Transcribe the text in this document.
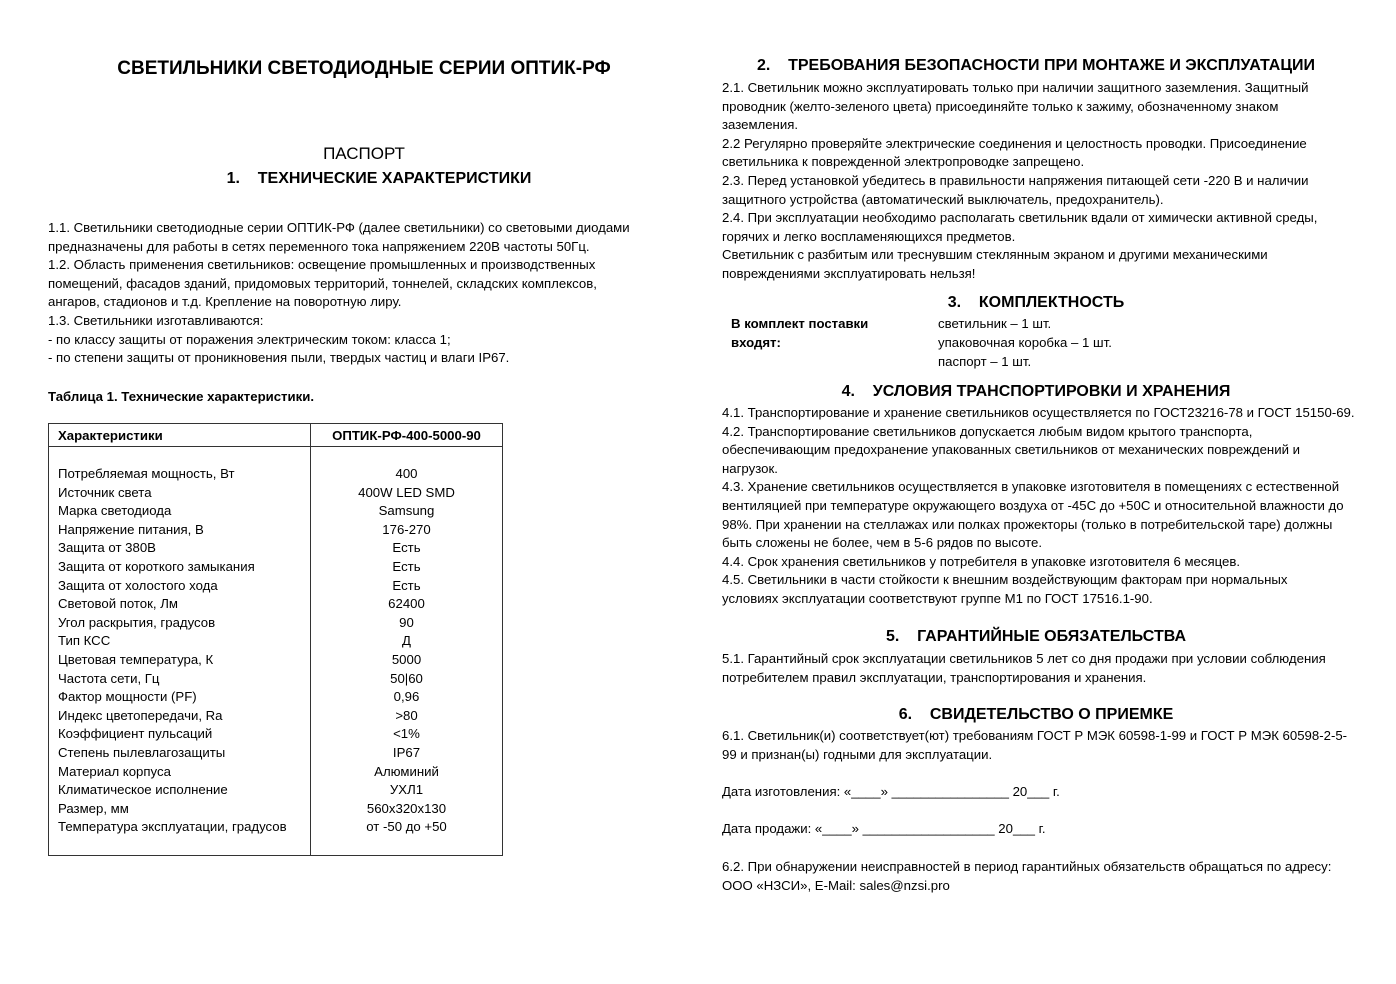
СВЕТИЛЬНИКИ СВЕТОДИОДНЫЕ СЕРИИ ОПТИК-РФ
ПАСПОРТ
1. ТЕХНИЧЕСКИЕ ХАРАКТЕРИСТИКИ
1.1. Светильники светодиодные серии ОПТИК-РФ (далее светильники) со световыми диодами
предназначены для работы в сетях переменного тока напряжением 220В частоты 50Гц.
1.2. Область применения светильников: освещение промышленных и производственных
помещений, фасадов зданий, придомовых территорий, тоннелей, складских комплексов,
ангаров, стадионов и т.д. Крепление на поворотную лиру.
1.3. Светильники изготавливаются:
- по классу защиты от поражения электрическим током: класса 1;
- по степени защиты от проникновения пыли, твердых частиц и влаги IP67.
Таблица 1. Технические характеристики.
Характеристики	ОПТИК-РФ-400-5000-90

Потребляемая мощность, Вт	400
Источник света	400W LED SMD
Марка светодиода	Samsung
Напряжение питания, В	176-270
Защита от 380В	Есть
Защита от короткого замыкания	Есть
Защита от холостого хода	Есть
Световой поток, Лм	62400
Угол раскрытия, градусов	90
Тип КСС	Д
Цветовая температура, К	5000
Частота сети, Гц	50|60
Фактор мощности (PF)	0,96
Индекс цветопередачи, Ra	>80
Коэффициент пульсаций	<1%
Степень пылевлагозащиты	IP67
Материал корпуса	Алюминий
Климатическое исполнение	УХЛ1
Размер, мм	560х320х130
Температура эксплуатации, градусов	от -50 до +50

2. ТРЕБОВАНИЯ БЕЗОПАСНОСТИ ПРИ МОНТАЖЕ И ЭКСПЛУАТАЦИИ
2.1. Светильник можно эксплуатировать только при наличии защитного заземления. Защитный
проводник (желто-зеленого цвета) присоединяйте только к зажиму, обозначенному знаком
заземления.
2.2 Регулярно проверяйте электрические соединения и целостность проводки. Присоединение
светильника к поврежденной электропроводке запрещено.
2.3. Перед установкой убедитесь в правильности напряжения питающей сети -220 В и наличии
защитного устройства (автоматический выключатель, предохранитель).
2.4. При эксплуатации необходимо располагать светильник вдали от химически активной среды,
горячих и легко воспламеняющихся предметов.
Светильник с разбитым или треснувшим стеклянным экраном и другими механическими
повреждениями эксплуатировать нельзя!
3. КОМПЛЕКТНОСТЬ
В комплект поставки
входят:
светильник – 1 шт.
упаковочная коробка – 1 шт.
паспорт – 1 шт.
4. УСЛОВИЯ ТРАНСПОРТИРОВКИ И ХРАНЕНИЯ
4.1. Транспортирование и хранение светильников осуществляется по ГОСТ23216-78 и ГОСТ 15150-69.
4.2. Транспортирование светильников допускается любым видом крытого транспорта,
обеспечивающим предохранение упакованных светильников от механических повреждений и
нагрузок.
4.3. Хранение светильников осуществляется в упаковке изготовителя в помещениях с естественной
вентиляцией при температуре окружающего воздуха от -45С до +50С и относительной влажности до
98%. При хранении на стеллажах или полках прожекторы (только в потребительской таре) должны
быть сложены не более, чем в 5-6 рядов по высоте.
4.4. Срок хранения светильников у потребителя в упаковке изготовителя 6 месяцев.
4.5. Светильники в части стойкости к внешним воздействующим факторам при нормальных
условиях эксплуатации соответствуют группе М1 по ГОСТ 17516.1-90.
5. ГАРАНТИЙНЫЕ ОБЯЗАТЕЛЬСТВА
5.1. Гарантийный срок эксплуатации светильников 5 лет со дня продажи при условии соблюдения
потребителем правил эксплуатации, транспортирования и хранения.
6. СВИДЕТЕЛЬСТВО О ПРИЕМКЕ
6.1. Светильник(и) соответствует(ют) требованиям ГОСТ Р МЭК 60598-1-99 и ГОСТ Р МЭК 60598-2-5-
99 и признан(ы) годными для эксплуатации.
Дата изготовления: «____» ________________ 20___ г.
Дата продажи: «____» __________________ 20___ г.
6.2. При обнаружении неисправностей в период гарантийных обязательств обращаться по адресу:
ООО «НЗСИ», E-Mail: sales@nzsi.pro
